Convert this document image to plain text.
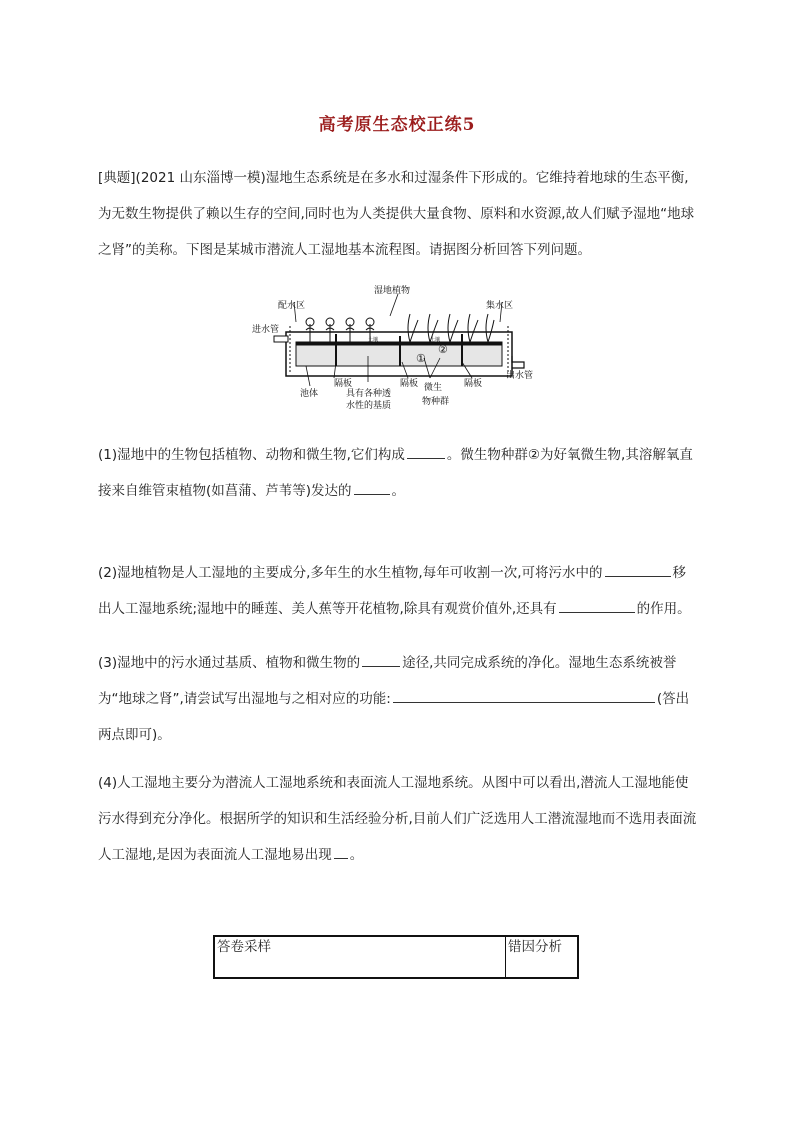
高考原生态校正练5
[典题](2021 山东淄博一模)湿地生态系统是在多水和过湿条件下形成的。它维持着地球的生态平衡,为无数生物提供了赖以生存的空间,同时也为人类提供大量食物、原料和水资源,故人们赋予湿地“地球之肾”的美称。下图是某城市潜流人工湿地基本流程图。请据图分析回答下列问题。
湿地植物
配水区	集水区
进水管
出水管
土壤	土壤
①
②
隔板	隔板	隔板
池体	具有各种透
水性的基质
微生
物种群
(1)湿地中的生物包括植物、动物和微生物,它们构成	。微生物种群②为好氧微生物,其溶解氧直接来自维管束植物(如菖蒲、芦苇等)发达的	。
(2)湿地植物是人工湿地的主要成分,多年生的水生植物,每年可收割一次,可将污水中的	移出人工湿地系统;湿地中的睡莲、美人蕉等开花植物,除具有观赏价值外,还具有	的作用。
(3)湿地中的污水通过基质、植物和微生物的	途径,共同完成系统的净化。湿地生态系统被誉为“地球之肾”,请尝试写出湿地与之相对应的功能:	(答出两点即可)。
(4)人工湿地主要分为潜流人工湿地系统和表面流人工湿地系统。从图中可以看出,潜流人工湿地能使污水得到充分净化。根据所学的知识和生活经验分析,目前人们广泛选用人工潜流湿地而不选用表面流人工湿地,是因为表面流人工湿地易出现 。
答卷采样	错因分析
